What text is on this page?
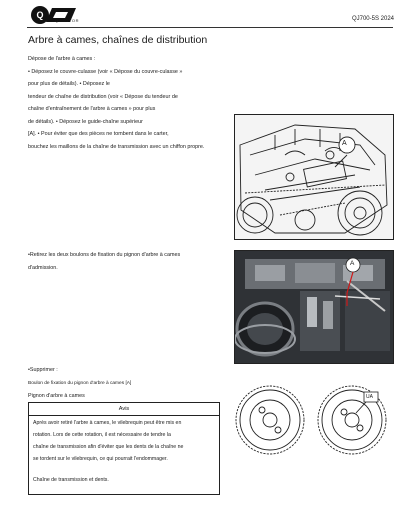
Q
QJMOTOR	QJ700-5S 2024
Arbre à cames, chaînes de distribution
Dépose de l'arbre à cames :
• Déposez le couvre-culasse (voir « Dépose du couvre-culasse »
pour plus de détails). • Déposez le
tendeur de chaîne de distribution (voir « Dépose du tendeur de
chaîne d'entraînement de l'arbre à cames » pour plus
de détails). • Déposez le guide-chaîne supérieur
[A]. • Pour éviter que des pièces ne tombent dans le carter,
bouchez les maillons de la chaîne de transmission avec un chiffon propre.	A
•Retirez les deux boulons de fixation du pignon d'arbre à cames
d'admission.
A
•Supprimer :
Boulon de fixation du pignon d'arbre à cames [A]
Pignon d'arbre à cames
Avis
Après avoir retiré l'arbre à cames, le vilebrequin peut être mis en
rotation. Lors de cette rotation, il est nécessaire de tendre la
chaîne de transmission afin d'éviter que les dents de la chaîne ne
se tordent sur le vilebrequin, ce qui pourrait l'endommager.
Chaîne de transmission et dents.
UA
